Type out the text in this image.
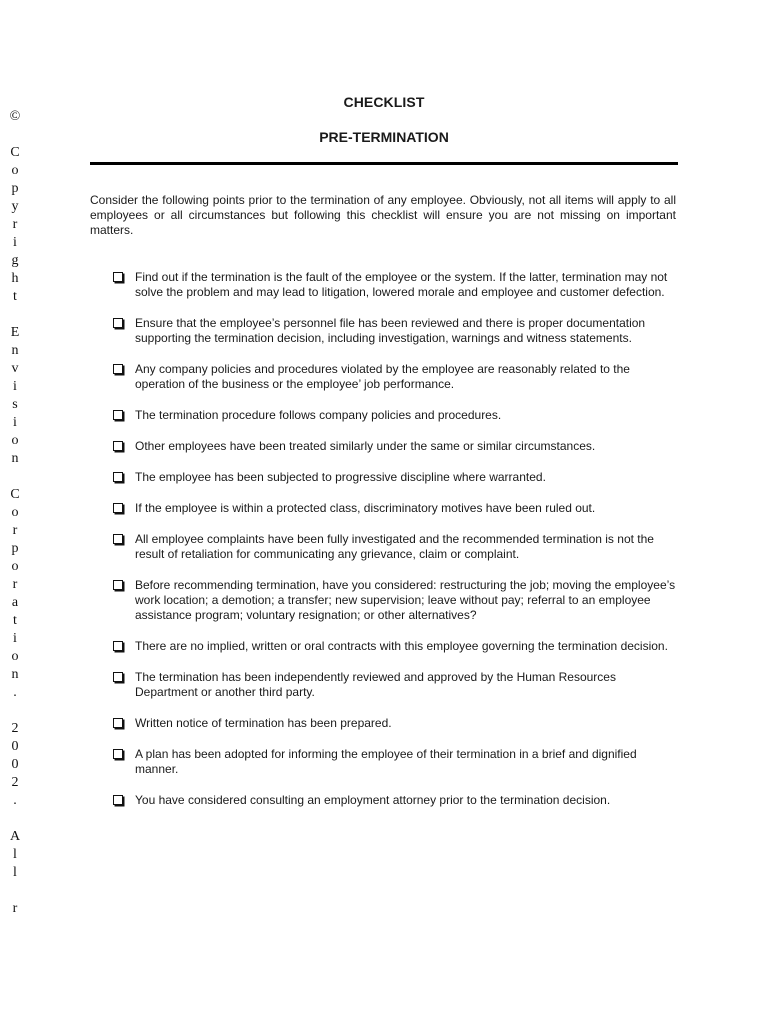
©
C
o
p
y
r
i
g
h
t
E
n
v
i
s
i
o
n
C
o
r
p
o
r
a
t
i
o
n
.
2
0
0
2
.
A
l
l
r
CHECKLIST
PRE-TERMINATION

Consider the following points prior to the termination of any employee. Obviously, not all items will apply to all employees or all circumstances but following this checklist will ensure you are not missing on important matters.

Find out if the termination is the fault of the employee or the system. If the latter, termination may not solve the problem and may lead to litigation, lowered morale and employee and customer defection.
Ensure that the employee’s personnel file has been reviewed and there is proper documentation supporting the termination decision, including investigation, warnings and witness statements.
Any company policies and procedures violated by the employee are reasonably related to the operation of the business or the employee’ job performance.
The termination procedure follows company policies and procedures.
Other employees have been treated similarly under the same or similar circumstances.
The employee has been subjected to progressive discipline where warranted.
If the employee is within a protected class, discriminatory motives have been ruled out.
All employee complaints have been fully investigated and the recommended termination is not the result of retaliation for communicating any grievance, claim or complaint.
Before recommending termination, have you considered: restructuring the job; moving the employee’s work location; a demotion; a transfer; new supervision; leave without pay; referral to an employee assistance program; voluntary resignation; or other alternatives?
There are no implied, written or oral contracts with this employee governing the termination decision.
The termination has been independently reviewed and approved by the Human Resources Department or another third party.
Written notice of termination has been prepared.
A plan has been adopted for informing the employee of their termination in a brief and dignified manner.
You have considered consulting an employment attorney prior to the termination decision.
